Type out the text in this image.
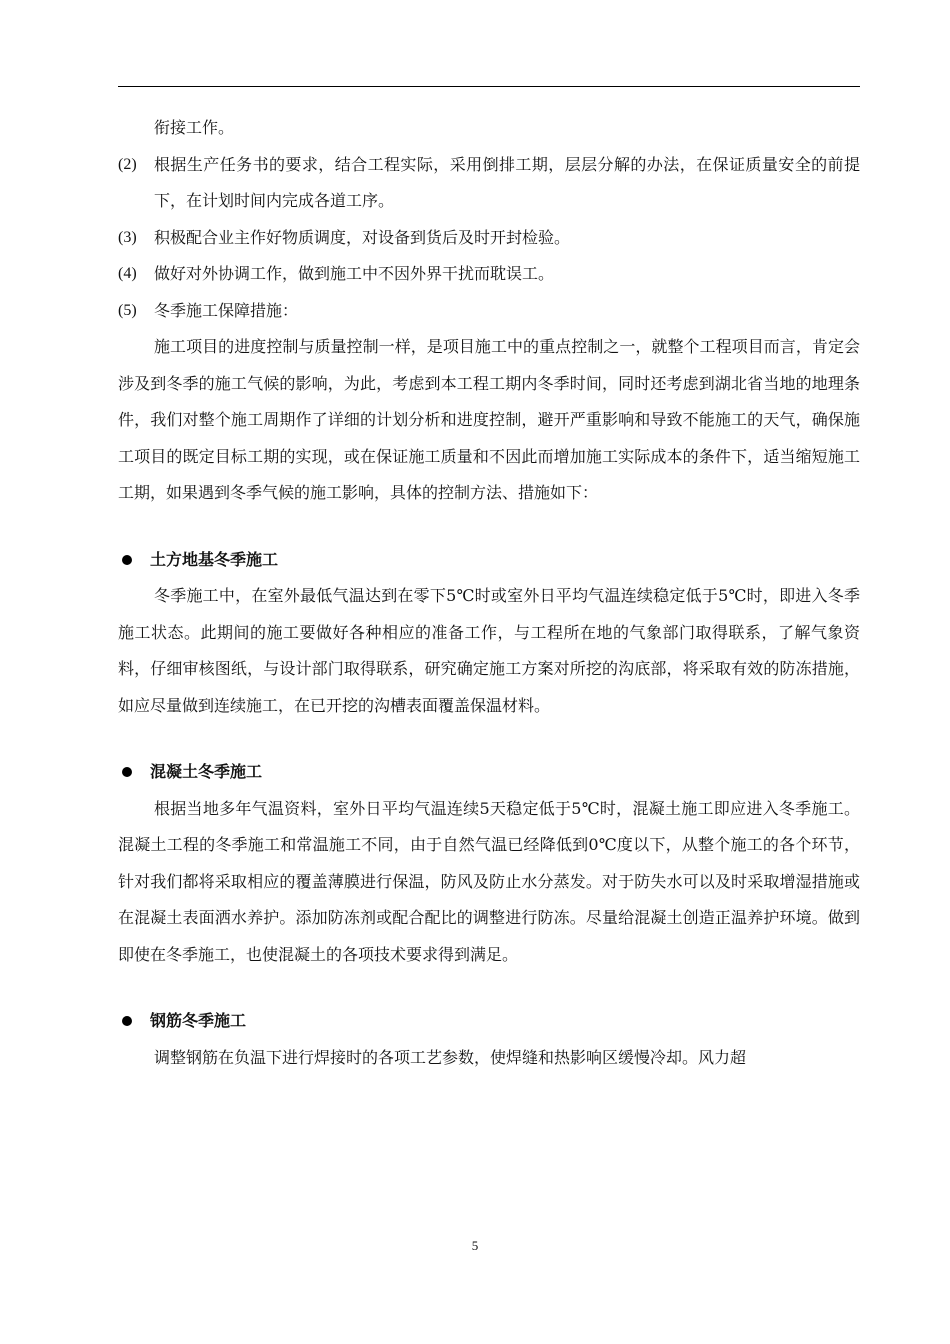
衔接工作。

(2)	根据生产任务书的要求，结合工程实际，采用倒排工期，层层分解的办法，在保证质量安全的前提下，在计划时间内完成各道工序。
(3)	积极配合业主作好物质调度，对设备到货后及时开封检验。
(4)	做好对外协调工作，做到施工中不因外界干扰而耽误工。
(5)	冬季施工保障措施：

施工项目的进度控制与质量控制一样，是项目施工中的重点控制之一，就整个工程项目而言，肯定会涉及到冬季的施工气候的影响，为此，考虑到本工程工期内冬季时间，同时还考虑到湖北省当地的地理条件，我们对整个施工周期作了详细的计划分析和进度控制，避开严重影响和导致不能施工的天气，确保施工项目的既定目标工期的实现，或在保证施工质量和不因此而增加施工实际成本的条件下，适当缩短施工工期，如果遇到冬季气候的施工影响，具体的控制方法、措施如下：

土方地基冬季施工

冬季施工中，在室外最低气温达到在零下5℃时或室外日平均气温连续稳定低于5℃时，即进入冬季施工状态。此期间的施工要做好各种相应的准备工作，与工程所在地的气象部门取得联系，了解气象资料，仔细审核图纸，与设计部门取得联系，研究确定施工方案对所挖的沟底部，将采取有效的防冻措施，如应尽量做到连续施工，在已开挖的沟槽表面覆盖保温材料。

混凝土冬季施工

根据当地多年气温资料，室外日平均气温连续5天稳定低于5℃时，混凝土施工即应进入冬季施工。混凝土工程的冬季施工和常温施工不同，由于自然气温已经降低到0℃度以下，从整个施工的各个环节，针对我们都将采取相应的覆盖薄膜进行保温，防风及防止水分蒸发。对于防失水可以及时采取增湿措施或在混凝土表面洒水养护。添加防冻剂或配合配比的调整进行防冻。尽量给混凝土创造正温养护环境。做到即使在冬季施工，也使混凝土的各项技术要求得到满足。

钢筋冬季施工

调整钢筋在负温下进行焊接时的各项工艺参数，使焊缝和热影响区缓慢冷却。风力超

5
